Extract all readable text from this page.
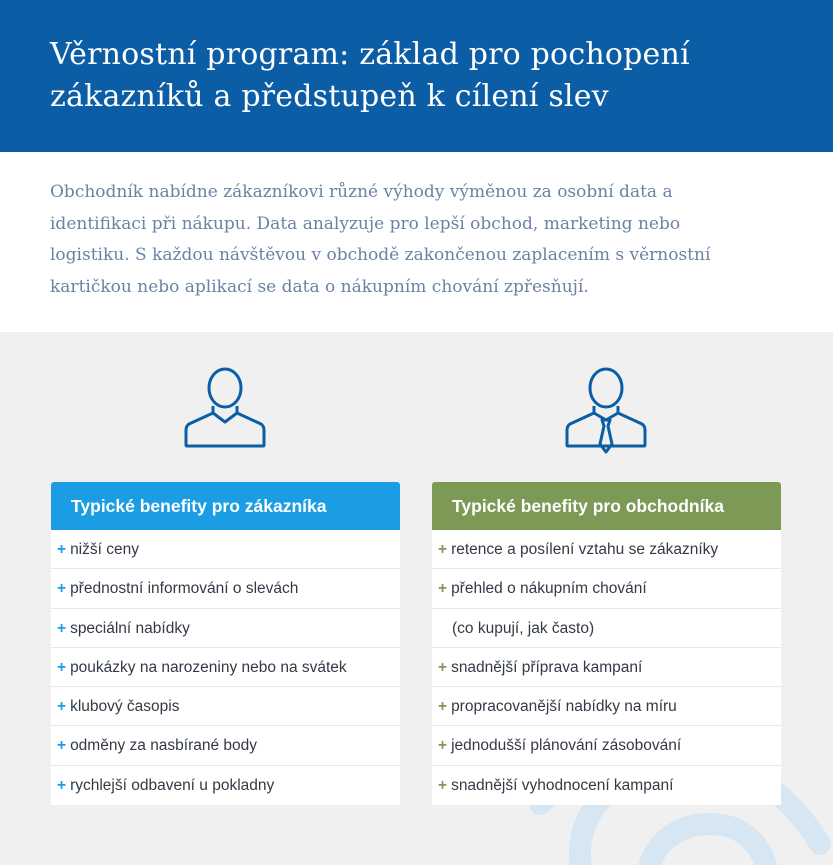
Věrnostní program: základ pro pochopení
zákazníků a předstupeň k cílení slev

Obchodník nabídne zákazníkovi různé výhody výměnou za osobní data a identifikaci při nákupu. Data analyzuje pro lepší obchod, marketing nebo logistiku. S každou návštěvou v obchodě zakončenou zaplacením s věrnostní kartičkou nebo aplikací se data o nákupním chování zpřesňují.

Typické benefity pro zákazníka
+ nižší ceny
+ přednostní informování o slevách
+ speciální nabídky
+ poukázky na narozeniny nebo na svátek
+ klubový časopis
+ odměny za nasbírané body
+ rychlejší odbavení u pokladny
Typické benefity pro obchodníka
+ retence a posílení vztahu se zákazníky
+ přehled o nákupním chování
(co kupují, jak často)
+ snadnější příprava kampaní
+ propracovanější nabídky na míru
+ jednodušší plánování zásobování
+ snadnější vyhodnocení kampaní
